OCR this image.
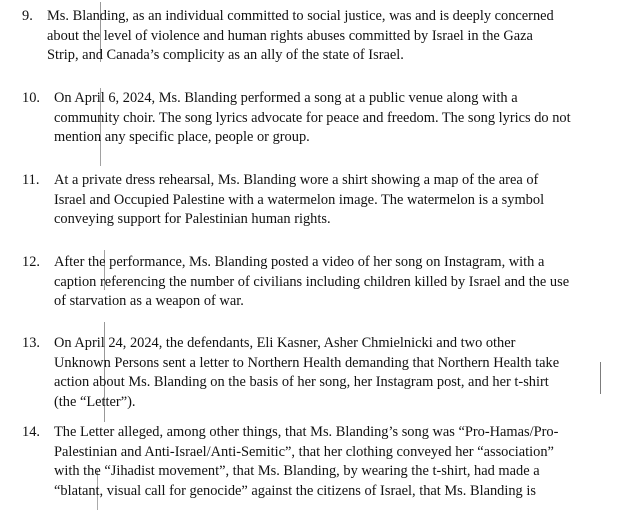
9. Ms. Blanding, as an individual committed to social justice, was and is deeply concerned
about the level of violence and human rights abuses committed by Israel in the Gaza
Strip, and Canada’s complicity as an ally of the state of Israel.
10. On April 6, 2024, Ms. Blanding performed a song at a public venue along with a
community choir. The song lyrics advocate for peace and freedom. The song lyrics do not
mention any specific place, people or group.
11. At a private dress rehearsal, Ms. Blanding wore a shirt showing a map of the area of
Israel and Occupied Palestine with a watermelon image. The watermelon is a symbol
conveying support for Palestinian human rights.
12. After the performance, Ms. Blanding posted a video of her song on Instagram, with a
caption referencing the number of civilians including children killed by Israel and the use
of starvation as a weapon of war.
13. On April 24, 2024, the defendants, Eli Kasner, Asher Chmielnicki and two other
Unknown Persons sent a letter to Northern Health demanding that Northern Health take
action about Ms. Blanding on the basis of her song, her Instagram post, and her t-shirt
(the “Letter”).
14. The Letter alleged, among other things, that Ms. Blanding’s song was “Pro-Hamas/Pro-
Palestinian and Anti-Israel/Anti-Semitic”, that her clothing conveyed her “association”
with the “Jihadist movement”, that Ms. Blanding, by wearing the t-shirt, had made a
“blatant, visual call for genocide” against the citizens of Israel, that Ms. Blanding is
